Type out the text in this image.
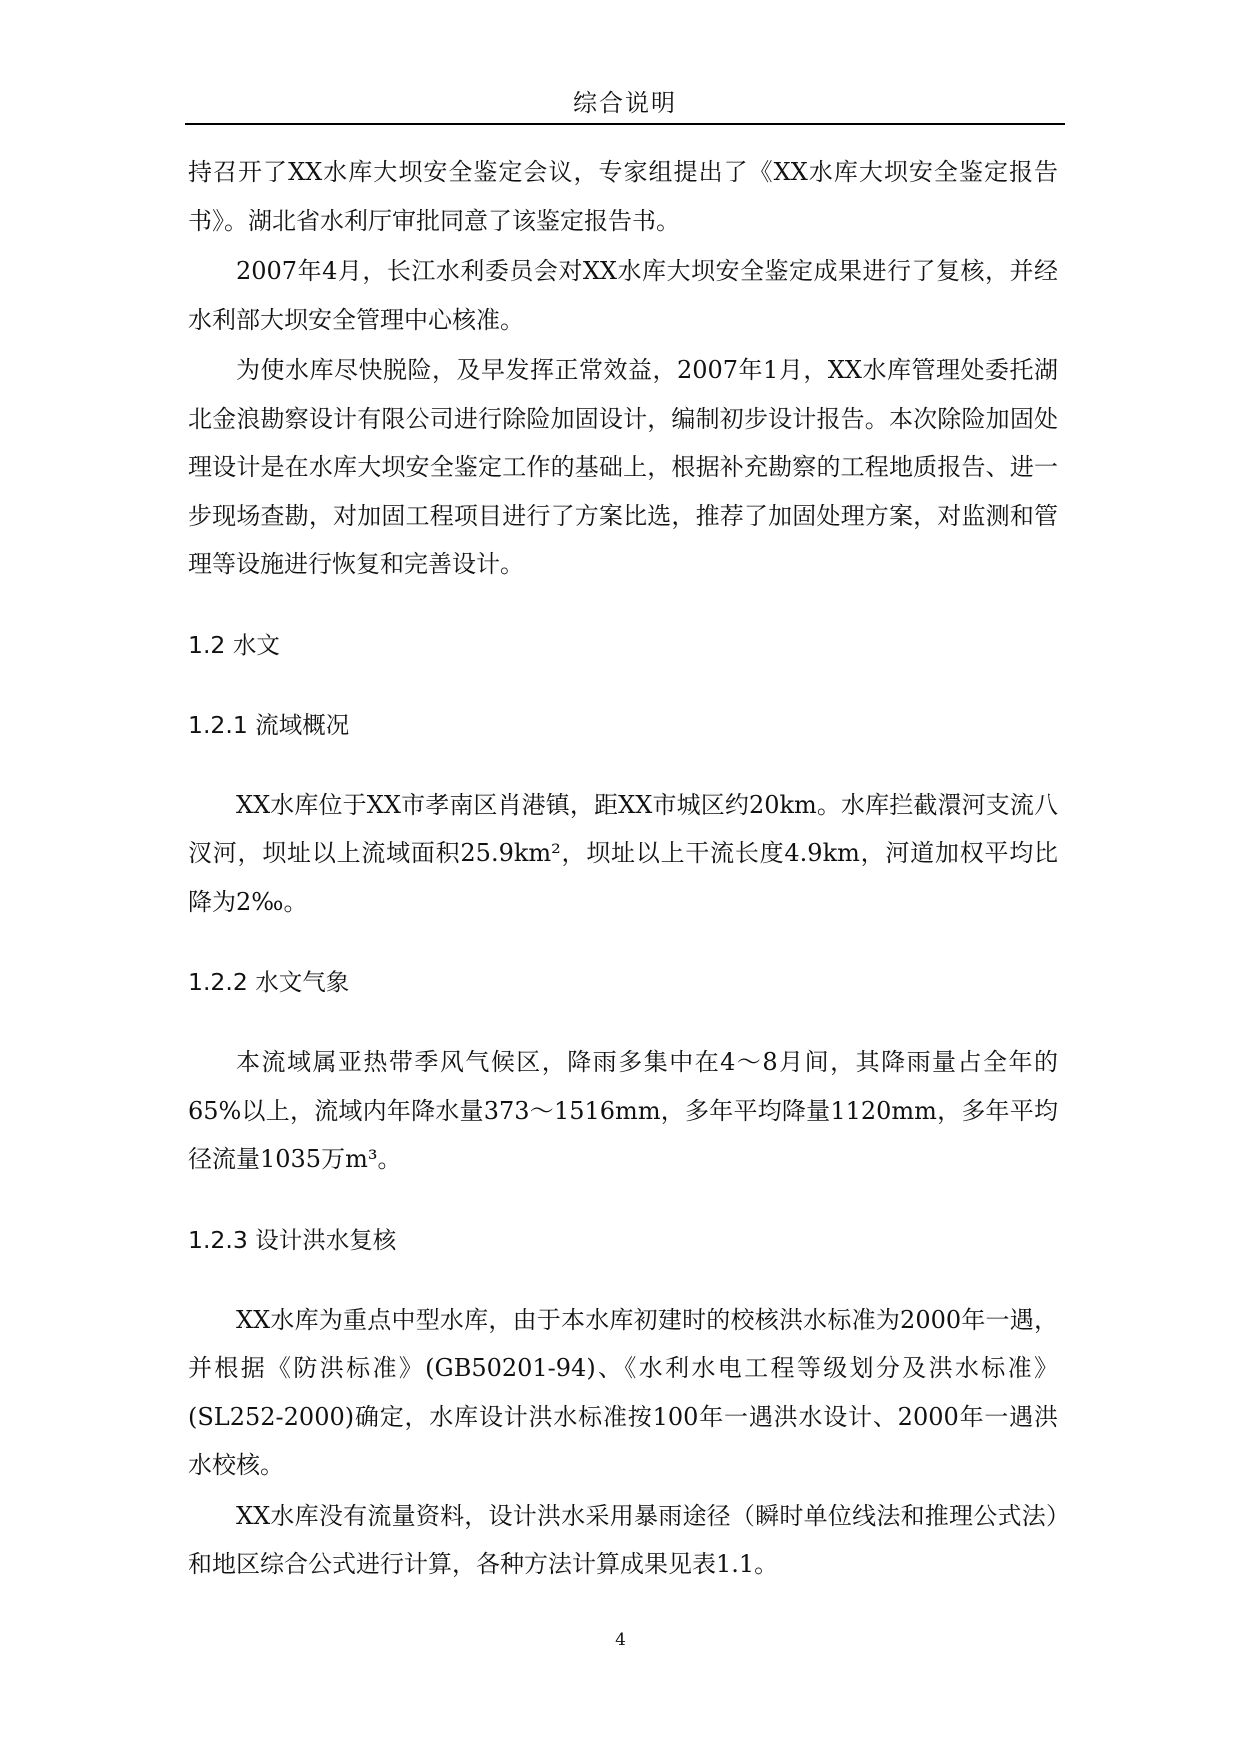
综合说明

持召开了XX水库大坝安全鉴定会议，专家组提出了《XX水库大坝安全鉴定报告书》。湖北省水利厅审批同意了该鉴定报告书。

2007年4月，长江水利委员会对XX水库大坝安全鉴定成果进行了复核，并经水利部大坝安全管理中心核准。

为使水库尽快脱险，及早发挥正常效益，2007年1月，XX水库管理处委托湖北金浪勘察设计有限公司进行除险加固设计，编制初步设计报告。本次除险加固处理设计是在水库大坝安全鉴定工作的基础上，根据补充勘察的工程地质报告、进一步现场查勘，对加固工程项目进行了方案比选，推荐了加固处理方案，对监测和管理等设施进行恢复和完善设计。

1.2 水文
1.2.1 流域概况

XX水库位于XX市孝南区肖港镇，距XX市城区约20km。水库拦截澴河支流八汊河，坝址以上流域面积25.9km²，坝址以上干流长度4.9km，河道加权平均比降为2‰。

1.2.2 水文气象

本流域属亚热带季风气候区，降雨多集中在4～8月间，其降雨量占全年的65%以上，流域内年降水量373～1516mm，多年平均降量1120mm，多年平均径流量1035万m³。

1.2.3 设计洪水复核

XX水库为重点中型水库，由于本水库初建时的校核洪水标准为2000年一遇，并根据《防洪标准》(GB50201-94)、《水利水电工程等级划分及洪水标准》(SL252-2000)确定，水库设计洪水标准按100年一遇洪水设计、2000年一遇洪水校核。

XX水库没有流量资料，设计洪水采用暴雨途径（瞬时单位线法和推理公式法）和地区综合公式进行计算，各种方法计算成果见表1.1。

4
